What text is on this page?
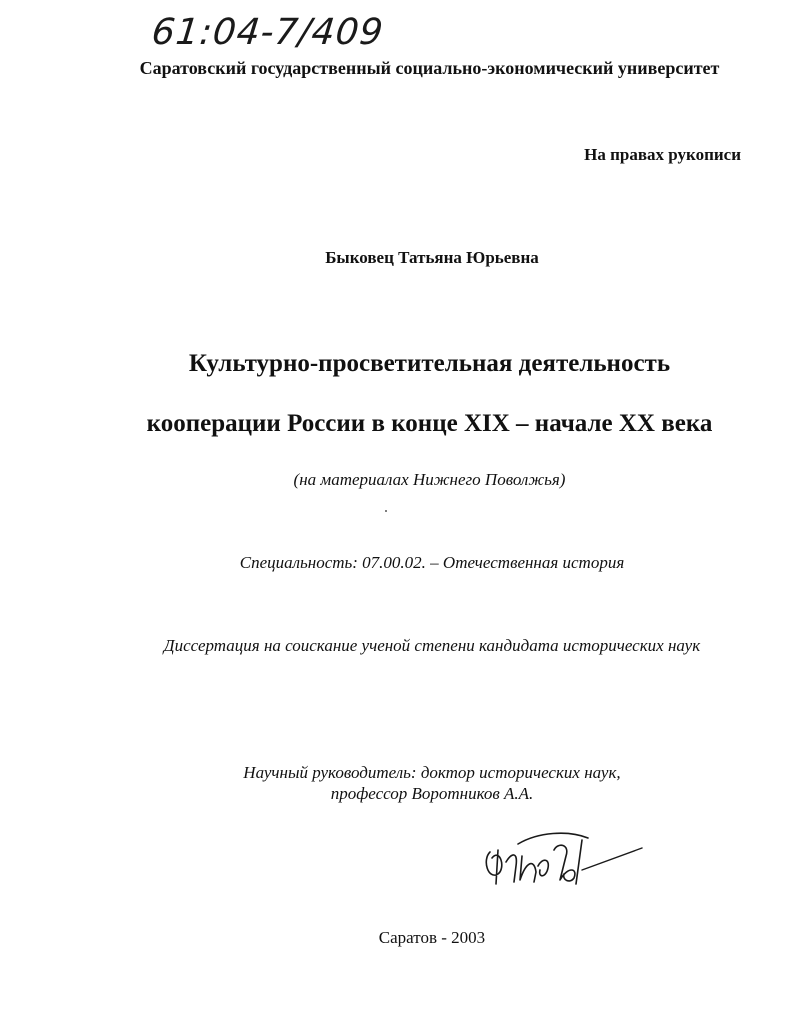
61:04-7/409
Саратовский государственный социально-экономический университет
На правах рукописи
Быковец Татьяна Юрьевна
Культурно-просветительная деятельность
кооперации России в конце XIX – начале XX века
(на материалах Нижнего Поволжья)
Специальность: 07.00.02. – Отечественная история
Диссертация на соискание ученой степени кандидата исторических наук
Научный руководитель: доктор исторических наук,
профессор Воротников А.А.
Саратов - 2003
